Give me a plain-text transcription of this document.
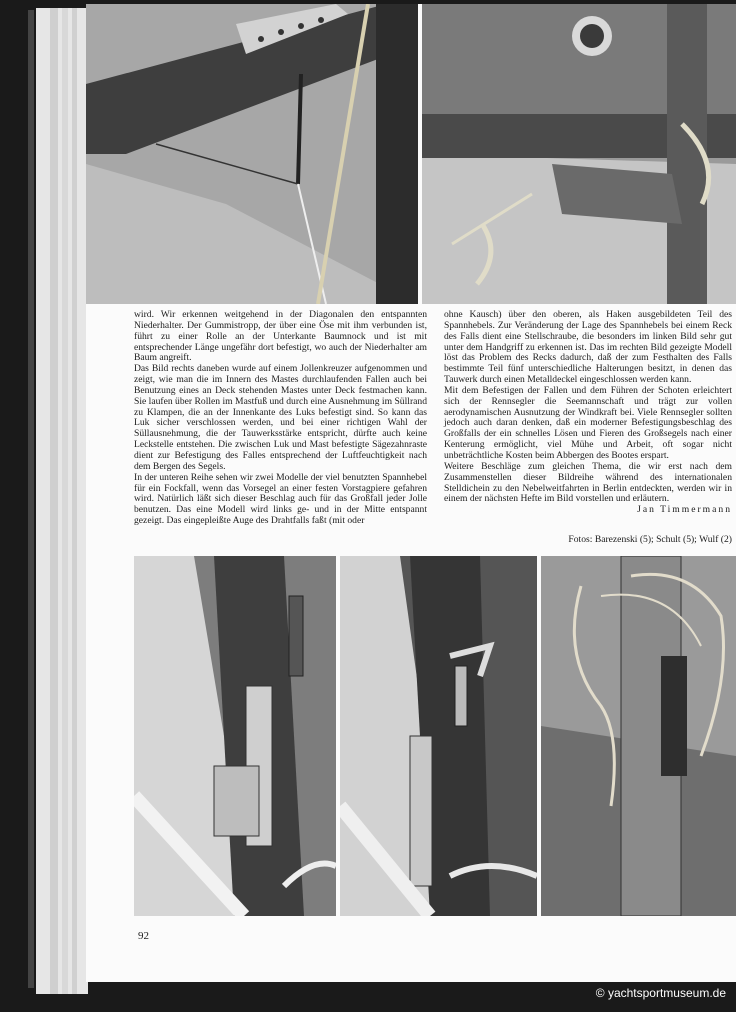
wird. Wir erkennen weitgehend in der Diagonalen den entspannten Niederhalter. Der Gummistropp, der über eine Öse mit ihm verbunden ist, führt zu einer Rolle an der Unterkante Baumnock und ist mit entsprechender Länge ungefähr dort befestigt, wo auch der Niederhalter am Baum angreift.

Das Bild rechts daneben wurde auf einem Jollenkreuzer aufgenommen und zeigt, wie man die im Innern des Mastes durchlaufenden Fallen auch bei Benutzung eines an Deck stehenden Mastes unter Deck festmachen kann. Sie laufen über Rollen im Mastfuß und durch eine Ausnehmung im Süllrand zu Klampen, die an der Innenkante des Luks befestigt sind. So kann das Luk sicher verschlossen werden, und bei einer richtigen Wahl der Süllausnehmung, die der Tauwerksstärke entspricht, dürfte auch keine Leckstelle entstehen. Die zwischen Luk und Mast befestigte Sägezahnraste dient zur Befestigung des Falles entsprechend der Luftfeuchtigkeit nach dem Bergen des Segels.

In der unteren Reihe sehen wir zwei Modelle der viel benutzten Spannhebel für ein Fockfall, wenn das Vorsegel an einer festen Vorstagpiere gefahren wird. Natürlich läßt sich dieser Beschlag auch für das Großfall jeder Jolle benutzen. Das eine Modell wird links ge- und in der Mitte entspannt gezeigt. Das eingepleißte Auge des Drahtfalls faßt (mit oder

ohne Kausch) über den oberen, als Haken ausgebildeten Teil des Spannhebels. Zur Veränderung der Lage des Spannhebels bei einem Reck des Falls dient eine Stellschraube, die besonders im linken Bild sehr gut unter dem Handgriff zu erkennen ist. Das im rechten Bild gezeigte Modell löst das Problem des Recks dadurch, daß der zum Festhalten des Falls bestimmte Teil fünf unterschiedliche Halterungen besitzt, in denen das Tauwerk durch einen Metalldeckel eingeschlossen werden kann.

Mit dem Befestigen der Fallen und dem Führen der Schoten erleichtert sich der Rennsegler die Seemannschaft und trägt zur vollen aerodynamischen Ausnutzung der Windkraft bei. Viele Rennsegler sollten jedoch auch daran denken, daß ein moderner Befestigungsbeschlag des Großfalls der ein schnelles Lösen und Fieren des Großsegels nach einer Kenterung ermöglicht, viel Mühe und Arbeit, oft sogar nicht unbeträchtliche Kosten beim Abbergen des Bootes erspart.

Weitere Beschläge zum gleichen Thema, die wir erst nach dem Zusammenstellen dieser Bildreihe während des internationalen Stelldichein zu den Nebelweitfahrten in Berlin entdeckten, werden wir in einem der nächsten Hefte im Bild vorstellen und erläutern.

Jan Timmermann

Fotos: Barezenski (5); Schult (5); Wulf (2)
92
© yachtsportmuseum.de
